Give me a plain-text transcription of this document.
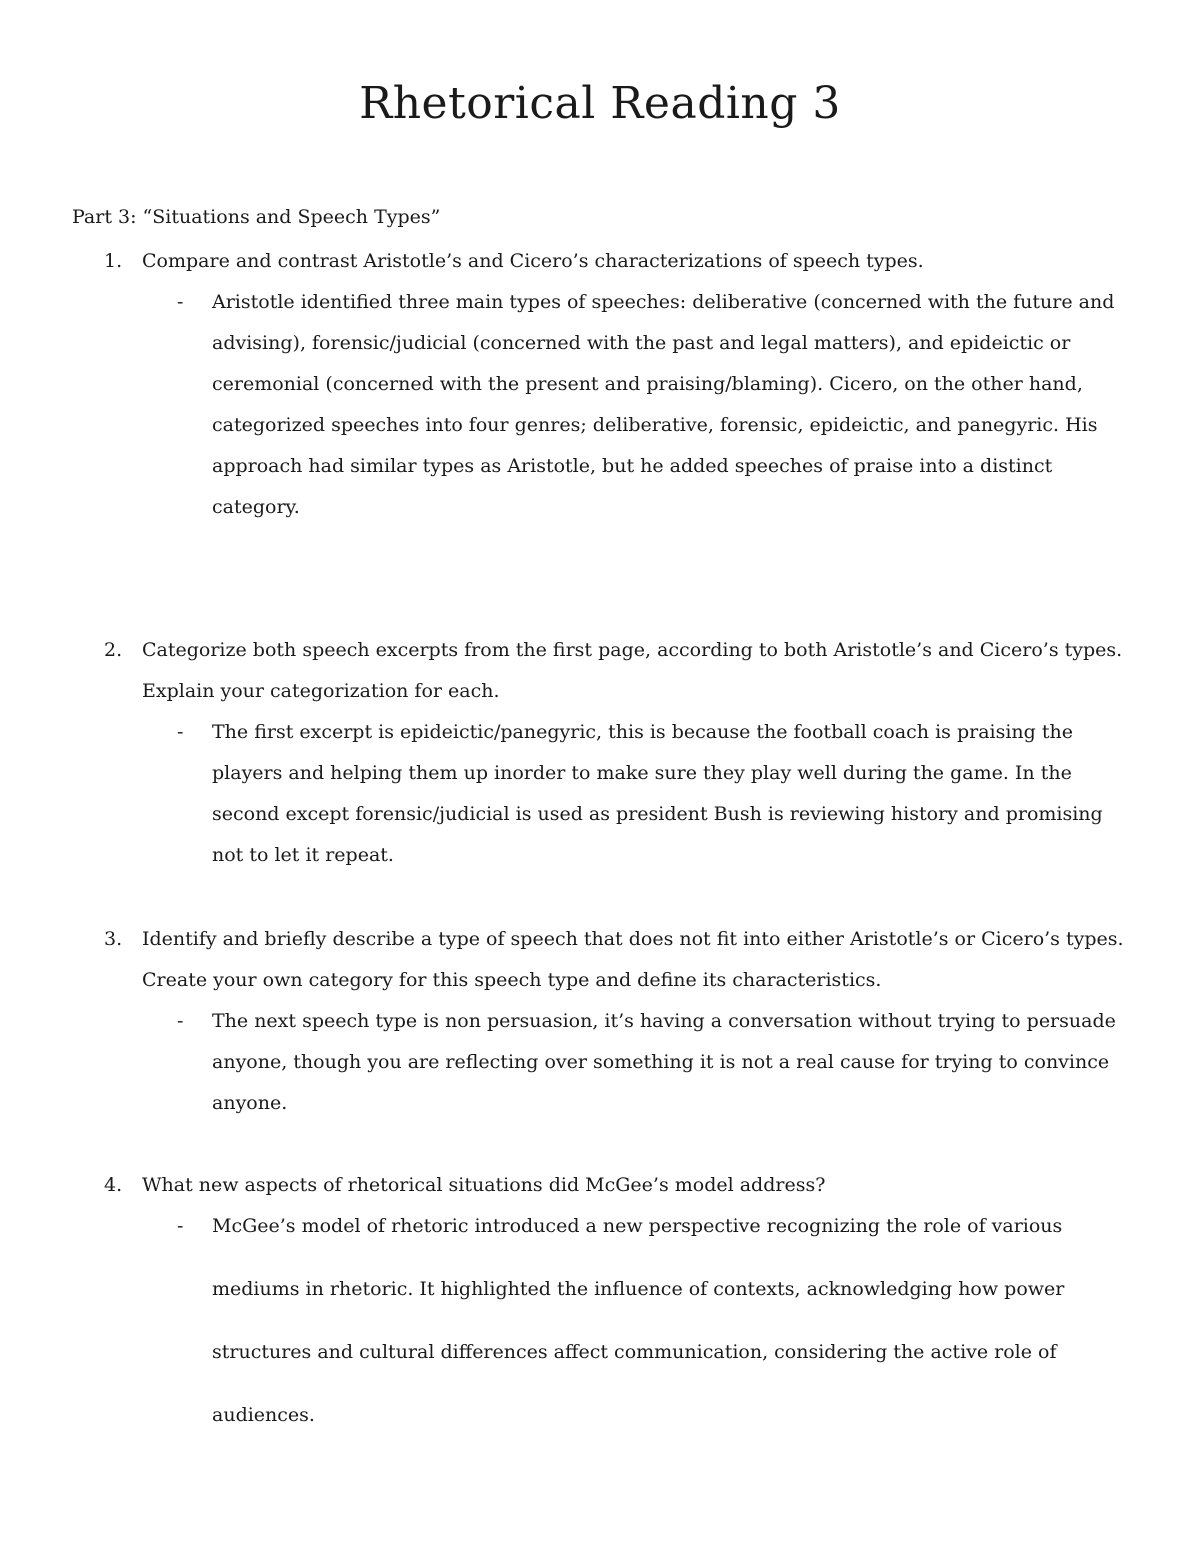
Rhetorical Reading 3

Part 3: “Situations and Speech Types”

1.	Compare and contrast Aristotle’s and Cicero’s characterizations of speech types.

- Aristotle identified three main types of speeches: deliberative (concerned with the future and advising), forensic/judicial (concerned with the past and legal matters), and epideictic or ceremonial (concerned with the present and praising/blaming). Cicero, on the other hand, categorized speeches into four genres; deliberative, forensic, epideictic, and panegyric. His approach had similar types as Aristotle, but he added speeches of praise into a distinct category.

2.	Categorize both speech excerpts from the first page, according to both Aristotle’s and Cicero’s types. Explain your categorization for each.

- The first excerpt is epideictic/panegyric, this is because the football coach is praising the players and helping them up inorder to make sure they play well during the game. In the second except forensic/judicial is used as president Bush is reviewing history and promising not to let it repeat.

3.	Identify and briefly describe a type of speech that does not fit into either Aristotle’s or Cicero’s types. Create your own category for this speech type and define its characteristics.

- The next speech type is non persuasion, it’s having a conversation without trying to persuade anyone, though you are reflecting over something it is not a real cause for trying to convince anyone.

4.	What new aspects of rhetorical situations did McGee’s model address?

- McGee’s model of rhetoric introduced a new perspective recognizing the role of various mediums in rhetoric. It highlighted the influence of contexts, acknowledging how power structures and cultural differences affect communication, considering the active role of audiences.
